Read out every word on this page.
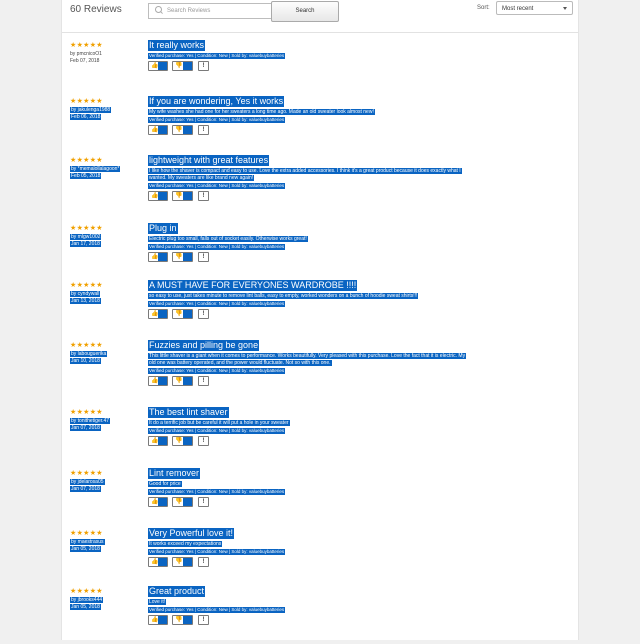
60 Reviews	Search Reviews	Search	Sort:	Most recent
★★★★★
by pmcnicoO1
Feb 07, 2018
It really works
Verified purchase: Yes | Condition: New | Sold by: valuebuybatteries
👍	👎	!
★★★★★
by jakulenga1988
Feb 06, 2018
If you are wondering, Yes it works
My wife washes she had one for her sweaters a long time ago. Made an old sweater look almost new!
Verified purchase: Yes | Condition: New | Sold by: valuebuybatteries
👍	👎	!
★★★★★
by *memalollalagoon*
Feb 05, 2018
lightweight with great features
I like how the shaver is compact and easy to use. Love the extra added accessories. I think it's a great product because it does exactly what I
wanted. My sweaters are like brand new again!
Verified purchase: Yes | Condition: New | Sold by: valuebuybatteries
👍	👎	!
★★★★★
by mlgw1002
Jan 17, 2018
Plug in
Electric plug too small, falls out of socket easily. Otherwise works great!
Verified purchase: Yes | Condition: New | Sold by: valuebuybatteries
👍	👎	!
★★★★★
by cyndywall
Jan 13, 2018
A MUST HAVE FOR EVERYONES WARDROBE !!!!
so easy to use, just takes minute to remove lint balls, easy to empty, worked wonders on a bunch of hoodie sweat shirts!!!
Verified purchase: Yes | Condition: New | Sold by: valuebuybatteries
👍	👎	!
★★★★★
by labouguerika
Jan 10, 2018
Fuzzies and pilling be gone
This little shaver is a giant when it comes to performance. Works beautifully. Very pleased with this purchase. Love the fact that it is electric. My
old one was battery operated, and the power would fluctuate. Not so with this one.
Verified purchase: Yes | Condition: New | Sold by: valuebuybatteries
👍	👎	!
★★★★★
by tonithetiger.47
Jan 07, 2018
The best lint shaver
It do a terrific job but be careful it will put a hole in your sweater
Verified purchase: Yes | Condition: New | Sold by: valuebuybatteries
👍	👎	!
★★★★★
by jdelarosa05
Jan 07, 2018
Lint remover
Good for price
Verified purchase: Yes | Condition: New | Sold by: valuebuybatteries
👍	👎	!
★★★★★
by maestrasus
Jan 05, 2018
Very Powerful love it!
It works exceed my expectations
Verified purchase: Yes | Condition: New | Sold by: valuebuybatteries
👍	👎	!
★★★★★
by jbrooks444
Jan 05, 2018
Great product
Love it!
Verified purchase: Yes | Condition: New | Sold by: valuebuybatteries
👍	👎	!
